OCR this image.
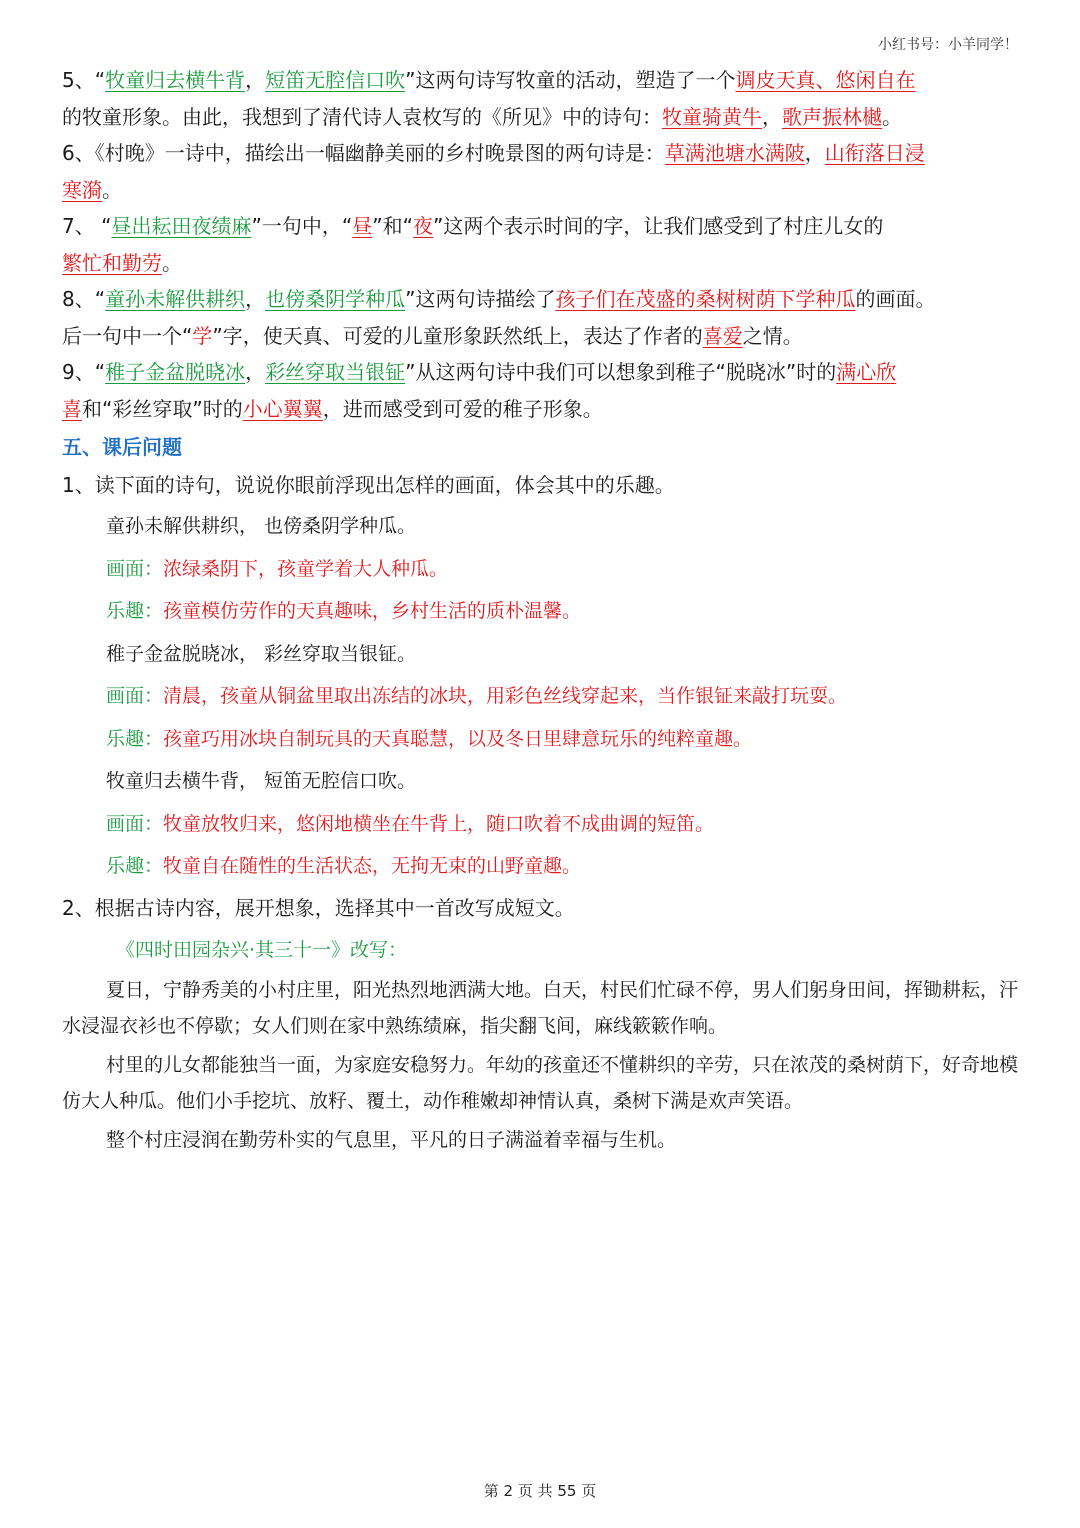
小红书号：小羊同学！
5、“牧童归去横牛背，短笛无腔信口吹”这两句诗写牧童的活动，塑造了一个调皮天真、悠闲自在
的牧童形象。由此，我想到了清代诗人袁枚写的《所见》中的诗句：牧童骑黄牛，歌声振林樾。
6、《村晚》一诗中，描绘出一幅幽静美丽的乡村晚景图的两句诗是：草满池塘水满陂，山衔落日浸
寒漪。
7、 “昼出耘田夜绩麻”一句中，“昼”和“夜”这两个表示时间的字，让我们感受到了村庄儿女的
繁忙和勤劳。
8、“童孙未解供耕织，也傍桑阴学种瓜”这两句诗描绘了孩子们在茂盛的桑树树荫下学种瓜的画面。
后一句中一个“学”字，使天真、可爱的儿童形象跃然纸上，表达了作者的喜爱之情。
9、“稚子金盆脱晓冰，彩丝穿取当银钲”从这两句诗中我们可以想象到稚子“脱晓冰”时的满心欣
喜和“彩丝穿取”时的小心翼翼，进而感受到可爱的稚子形象。
五、课后问题
1、读下面的诗句，说说你眼前浮现出怎样的画面，体会其中的乐趣。
童孙未解供耕织， 也傍桑阴学种瓜。
画面：浓绿桑阴下，孩童学着大人种瓜。
乐趣：孩童模仿劳作的天真趣味，乡村生活的质朴温馨。
稚子金盆脱晓冰， 彩丝穿取当银钲。
画面：清晨，孩童从铜盆里取出冻结的冰块，用彩色丝线穿起来，当作银钲来敲打玩耍。
乐趣：孩童巧用冰块自制玩具的天真聪慧，以及冬日里肆意玩乐的纯粹童趣。
牧童归去横牛背， 短笛无腔信口吹。
画面：牧童放牧归来，悠闲地横坐在牛背上，随口吹着不成曲调的短笛。
乐趣：牧童自在随性的生活状态，无拘无束的山野童趣。
2、根据古诗内容，展开想象，选择其中一首改写成短文。
《四时田园杂兴·其三十一》改写：

夏日，宁静秀美的小村庄里，阳光热烈地洒满大地。白天，村民们忙碌不停，男人们躬身田间，挥锄耕耘，汗水浸湿衣衫也不停歇；女人们则在家中熟练绩麻，指尖翻飞间，麻线簌簌作响。

村里的儿女都能独当一面，为家庭安稳努力。年幼的孩童还不懂耕织的辛劳，只在浓茂的桑树荫下，好奇地模仿大人种瓜。他们小手挖坑、放籽、覆土，动作稚嫩却神情认真，桑树下满是欢声笑语。

整个村庄浸润在勤劳朴实的气息里，平凡的日子满溢着幸福与生机。

第 2 页 共 55 页
